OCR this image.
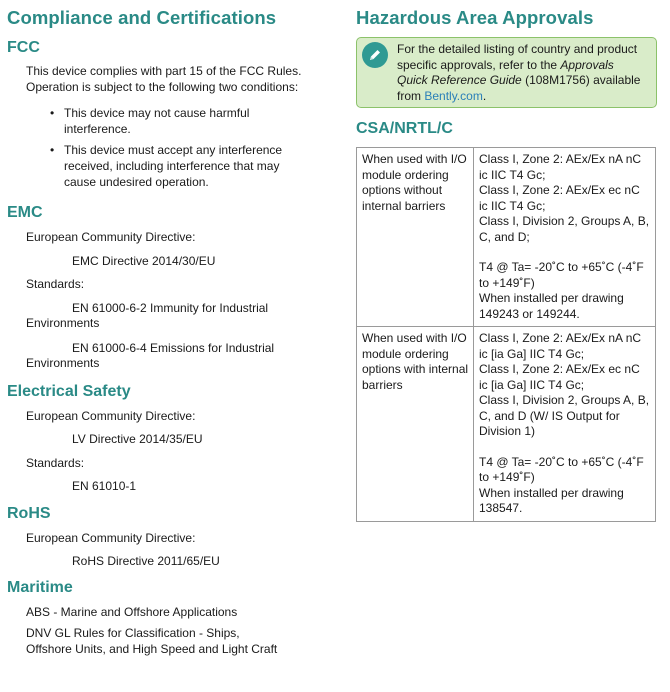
Compliance and Certifications
FCC

This device complies with part 15 of the FCC Rules. Operation is subject to the following two conditions:

• This device may not cause harmful
interference.
• This device must accept any interference
received, including interference that may
cause undesired operation.
EMC

European Community Directive:

EMC Directive 2014/30/EU

Standards:

EN 61000-6-2 Immunity for Industrial

Environments

EN 61000-6-4 Emissions for Industrial

Environments

Electrical Safety

European Community Directive:

LV Directive 2014/35/EU

Standards:

EN 61010-1

RoHS

European Community Directive:

RoHS Directive 2011/65/EU

Maritime

ABS - Marine and Offshore Applications

DNV GL Rules for Classification - Ships,

Offshore Units, and High Speed and Light Craft

Hazardous Area Approvals
For the detailed listing of country and product specific approvals, refer to the Approvals Quick Reference Guide (108M1756) available from Bently.com.
CSA/NRTL/C
When used with I/O module ordering options without internal barriers	Class I, Zone 2: AEx/Ex nA nC ic IIC T4 Gc;
Class I, Zone 2: AEx/Ex ec nC ic IIC T4 Gc;
Class I, Division 2, Groups A, B, C, and D;
T4 @ Ta= -20˚C to +65˚C (-4˚F to +149˚F)
When installed per drawing 149243 or 149244.

When used with I/O module ordering options with internal barriers	Class I, Zone 2: AEx/Ex nA nC ic [ia Ga] IIC T4 Gc;
Class I, Zone 2: AEx/Ex ec nC ic [ia Ga] IIC T4 Gc;
Class I, Division 2, Groups A, B, C, and D (W/ IS Output for Division 1)
T4 @ Ta= -20˚C to +65˚C (-4˚F to +149˚F)
When installed per drawing 138547.
